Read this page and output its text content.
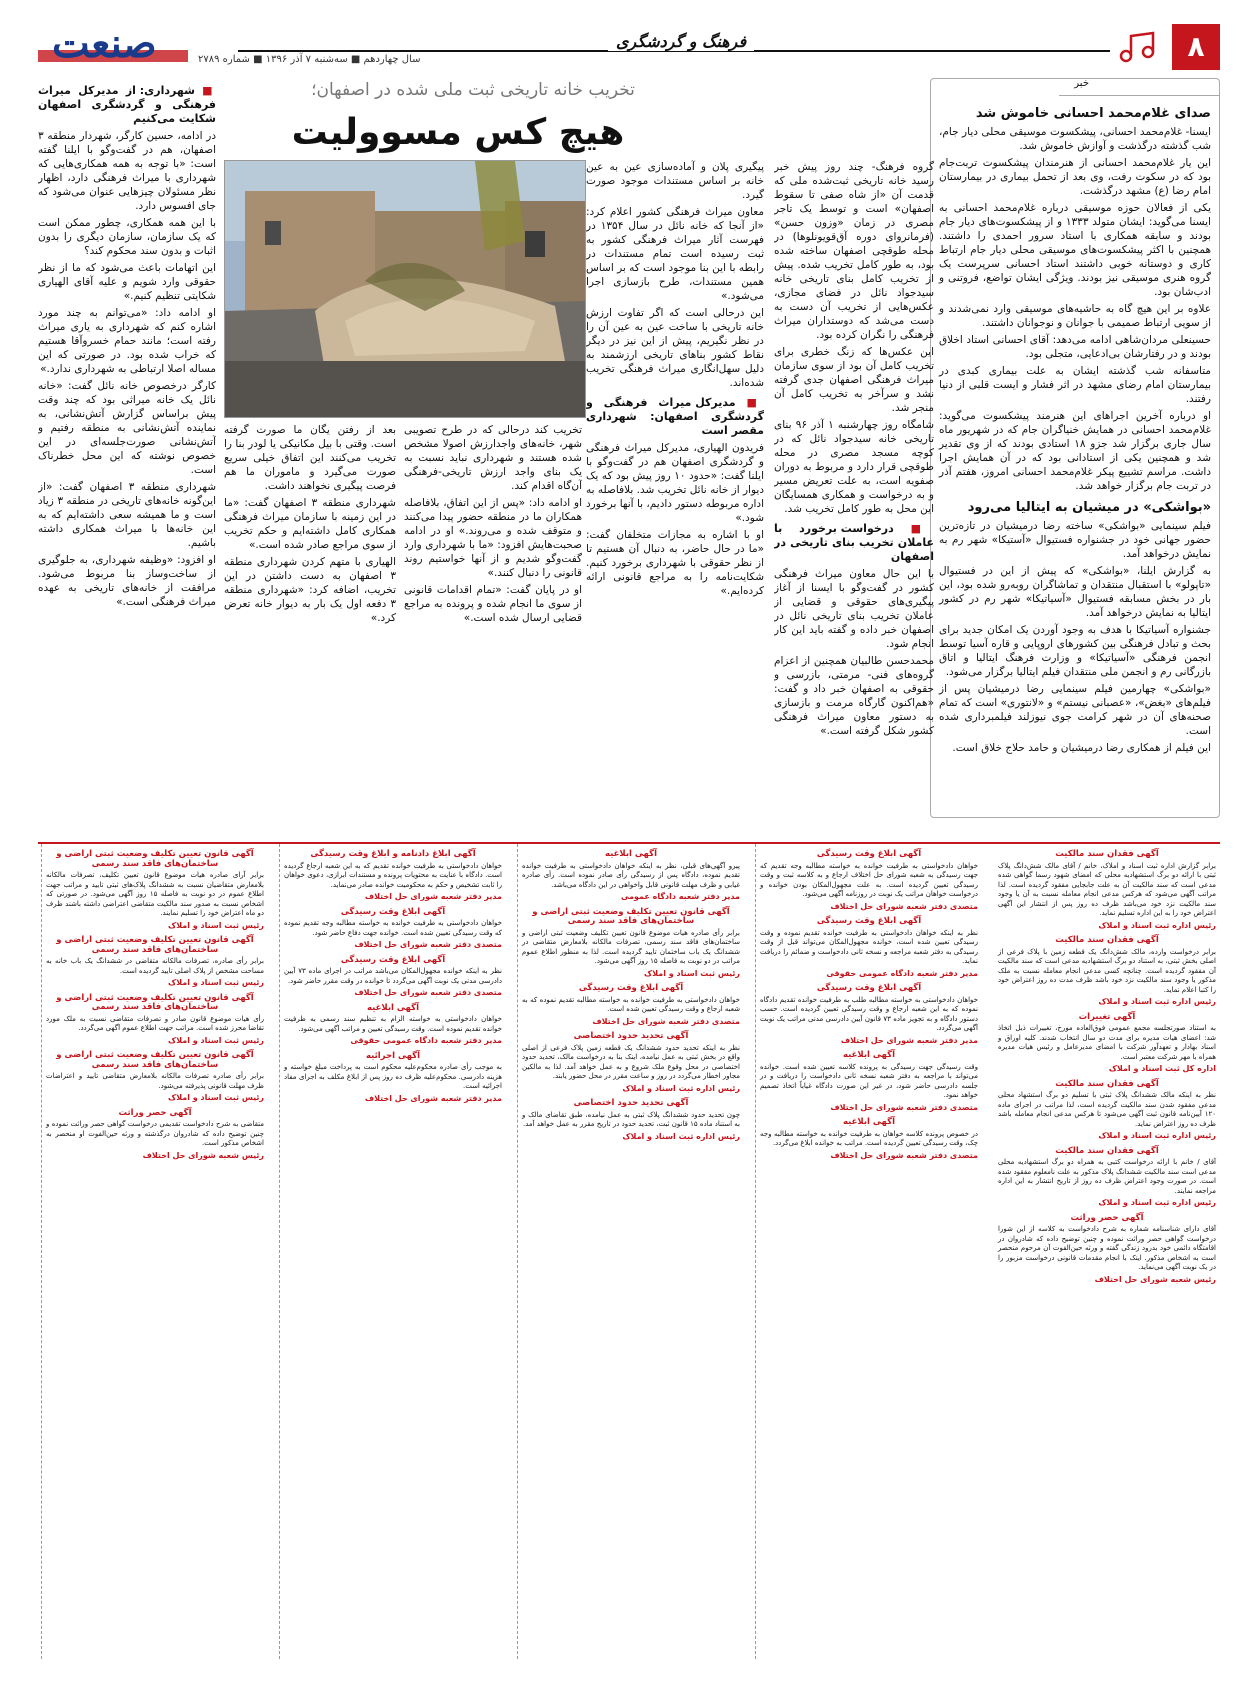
۸
فرهنگ و گردشگری
سال چهاردهم ■ سه‌شنبه ۷ آذر ۱۳۹۶ ■ شماره ۲۷۸۹
صنعت
خبر
صدای غلام‌محمد احسانی خاموش شد

ایسنا- غلام‌محمد احسانی، پیشکسوت موسیقی محلی دیار جام، شب گذشته درگذشت و آوازش خاموش شد.

این یار غلام‌محمد احسانی از هنرمندان پیشکسوت تربت‌جام بود که در سکوت رفت، وی بعد از تحمل بیماری در بیمارستان امام رضا (ع) مشهد درگذشت.

یکی از فعالان حوزه موسیقی درباره غلام‌محمد احسانی به ایسنا می‌گوید: ایشان متولد ۱۳۳۳ و از پیشکسوت‌های دیار جام بودند و سابقه همکاری با استاد سرور احمدی را داشتند. همچنین با اکثر پیشکسوت‌های موسیقی محلی دیار جام ارتباط کاری و دوستانه خوبی داشتند استاد احسانی سرپرست یک گروه هنری موسیقی نیز بودند. ویژگی ایشان تواضع، فروتنی و ادب‌شان بود.

علاوه بر این هیچ گاه به حاشیه‌های موسیقی وارد نمی‌شدند و از سویی ارتباط صمیمی با جوانان و نوجوانان داشتند.

حسینعلی مردان‌شاهی ادامه می‌دهد: آقای احسانی استاد اخلاق بودند و در رفتارشان بی‌ادعایی، متجلی بود.

متاسفانه شب گذشته ایشان به علت بیماری کبدی در بیمارستان امام رضای مشهد در اثر فشار و ایست قلبی از دنیا رفتند.

او درباره آخرین اجراهای این هنرمند پیشکسوت می‌گوید: غلام‌محمد احسانی در همایش خنیاگران جام که در شهریور ماه سال جاری برگزار شد جزو ۱۸ استادی بودند که از وی تقدیر شد و همچنین یکی از استادانی بود که در آن همایش اجرا داشت. مراسم تشییع پیکر غلام‌محمد احسانی امروز، هفتم آذر در تربت جام برگزار خواهد شد.

«بواشکی» در میشیان به ایتالیا می‌رود

فیلم سینمایی «بواشکی» ساخته رضا درمیشیان در تازه‌ترین حضور جهانی خود در جشنواره فستیوال «آستیکا» شهر رم به نمایش درخواهد آمد.

به گزارش ایلنا، «بواشکی» که پیش از این در فستیوال «تاپولو» با استقبال منتقدان و تماشاگران روبه‌رو شده بود، این بار در بخش مسابقه فستیوال «آسیاتیکا» شهر رم در کشور ایتالیا به نمایش درخواهد آمد.

جشنواره آسیاتیکا با هدف به وجود آوردن یک امکان جدید برای بحث و تبادل فرهنگی بین کشورهای اروپایی و قاره آسیا توسط انجمن فرهنگی «آسیاتیکا» و وزارت فرهنگ ایتالیا و اتاق بازرگانی رم و انجمن ملی منتقدان فیلم ایتالیا برگزار می‌شود.

«بواشکی» چهارمین فیلم سینمایی رضا درمیشیان پس از فیلم‌های «بغض»، «عصبانی نیستم» و «لانتوری» است که تمام صحنه‌های آن در شهر کرامت جوی نیوزلند فیلمبرداری شده است.

این فیلم از همکاری رضا درمیشیان و حامد حلاج خلاق است.

تخریب خانه تاریخی ثبت ملی شده در اصفهان؛
هیچ کس مسوولیت

گروه فرهنگ- چند روز پیش خبر رسید خانه تاریخی ثبت‌شده ملی که قدمت آن «از شاه صفی تا سقوط اصفهان» است و توسط یک تاجر مصری در زمان «وزون حسن» (فرمانروای دوره آق‌قویونلوها) در محله طوقچی اصفهان ساخته شده بود، به طور کامل تخریب شده. پیش از تخریب کامل بنای تاریخی خانه سیدجواد نائل در فضای مجازی، عکس‌هایی از تخریب آن دست به دست می‌شد که دوستداران میراث فرهنگی را نگران کرده بود.

این عکس‌ها که زنگ خطری برای تخریب کامل آن بود از سوی سازمان میراث فرهنگی اصفهان جدی گرفته نشد و سرآخر به تخریب کامل آن منجر شد.

شامگاه روز چهارشنبه ۱ آذر ۹۶ بنای تاریخی خانه سیدجواد نائل که در کوچه مسجد مصری در محله طوقچی قرار دارد و مربوط به دوران صفویه است، به علت تعریض مسیر و به درخواست و همکاری همسایگان این محل به طور کامل تخریب شد.

■ درخواست برخورد با عاملان تخریب بنای تاریخی در اصفهان

با این حال معاون میراث فرهنگی کشور در گفت‌وگو با ایسنا از آغاز پیگیری‌های حقوقی و قضایی از عاملان تخریب بنای تاریخی نائل در اصفهان خبر داده و گفته باید این کار انجام شود.

محمدحسن طالبیان همچنین از اعزام گروه‌های فنی- مرمتی، بازرسی و حقوقی به اصفهان خبر داد و گفت: «هم‌اکنون گارگاه مرمت و بازسازی به دستور معاون میراث فرهنگی کشور شکل گرفته است.»

پیگیری پلان و آماده‌سازی عین به عین خانه بر اساس مستندات موجود صورت گیرد.

معاون میراث فرهنگی کشور اعلام کرد: «از آنجا که خانه نائل در سال ۱۳۵۴ در فهرست آثار میراث فرهنگی کشور به ثبت رسیده است تمام مستندات در رابطه با این بنا موجود است که بر اساس همین مستندات، طرح بازسازی اجرا می‌شود.»

این درحالی است که اگر تفاوت ارزش خانه تاریخی با ساخت عین به عین آن را در نظر نگیریم، پیش از این نیز در دیگر نقاط کشور بناهای تاریخی ارزشمند به دلیل سهل‌انگاری میراث فرهنگی تخریب شده‌اند.

■ مدیرکل میراث فرهنگی و گردشگری اصفهان: شهرداری مقصر است

فریدون الهیاری، مدیرکل میراث فرهنگی و گردشگری اصفهان هم در گفت‌وگو با ایلنا گفت: «حدود ۱۰ روز پیش بود که یک دیوار از خانه نائل تخریب شد. بلافاصله به اداره مربوطه دستور دادیم، با آنها برخورد شود.»

او با اشاره به مجازات متخلفان گفت: «ما در حال حاضر، به دنبال آن هستیم تا از نظر حقوقی با شهرداری برخورد کنیم. شکایت‌نامه را به مراجع قانونی ارائه کرده‌ایم.»

تخریب کند درحالی که در طرح تصویبی شهر، خانه‌های واجدارزش اصولا مشخص شده هستند و شهرداری نباید نسبت به یک بنای واجد ارزش تاریخی-فرهنگی آن‌گاه اقدام کند.

او ادامه داد: «پس از این اتفاق، بلافاصله همکاران ما در منطقه حضور پیدا می‌کنند و متوقف شده و می‌روند.» او در ادامه صحبت‌هایش افزود: «ما با شهرداری وارد گفت‌وگو شدیم و از آنها خواستیم روند قانونی را دنبال کنند.»

او در پایان گفت: «تمام اقدامات قانونی از سوی ما انجام شده و پرونده به مراجع قضایی ارسال شده است.»

بعد از رفتن یگان ما صورت گرفته است. وقتی با بیل مکانیکی یا لودر بنا را تخریب می‌کنند این اتفاق خیلی سریع صورت می‌گیرد و ماموران ما هم فرصت پیگیری نخواهند داشت.

شهرداری منطقه ۳ اصفهان گفت: «ما در این زمینه با سازمان میراث فرهنگی همکاری کامل داشته‌ایم و حکم تخریب از سوی مراجع صادر شده است.»

الهیاری با متهم کردن شهرداری منطقه ۳ اصفهان به دست داشتن در این تخریب، اضافه کرد: «شهرداری منطقه ۳ دفعه اول یک بار به دیوار خانه تعرض کرد.»

■ شهرداری: از مدیرکل میراث فرهنگی و گردشگری اصفهان شکایت می‌کنیم

در ادامه، حسین کارگر، شهردار منطقه ۳ اصفهان، هم در گفت‌وگو با ایلنا گفته است: «با توجه به همه همکاری‌هایی که شهرداری با میراث فرهنگی دارد، اظهار نظر مسئولان چیزهایی عنوان می‌شود که جای افسوس دارد.

با این همه همکاری، چطور ممکن است که یک سازمان، سازمان دیگری را بدون اثبات و بدون سند محکوم کند؟

این اتهامات باعث می‌شود که ما از نظر حقوقی وارد شویم و علیه آقای الهیاری شکایتی تنظیم کنیم.»

او ادامه داد: «می‌توانم به چند مورد اشاره کنم که شهرداری به یاری میراث رفته است؛ مانند حمام خسروآقا هستیم که خراب شده بود. در صورتی که این مساله اصلا ارتباطی به شهرداری ندارد.»

کارگر درخصوص خانه نائل گفت: «خانه نائل یک خانه میراثی بود که چند وقت پیش براساس گزارش آتش‌نشانی، به نماینده آتش‌نشانی به منطقه رفتیم و آتش‌نشانی صورت‌جلسه‌ای در این خصوص نوشته که این محل خطرناک است.

شهرداری منطقه ۳ اصفهان گفت: «از این‌گونه خانه‌های تاریخی در منطقه ۳ زیاد است و ما همیشه سعی داشته‌ایم که به این خانه‌ها با میراث همکاری داشته باشیم.

او افزود: «وظیفه شهرداری، به جلوگیری از ساخت‌وساز بنا مربوط می‌شود. مرافقت از خانه‌های تاریخی به عهده میراث فرهنگی است.»

آگهی فقدان سند مالکیت
برابر گزارش اداره ثبت اسناد و املاک، خانم / آقای مالک شش‌دانگ پلاک ثبتی با ارائه دو برگ استشهادیه محلی که امضای شهود رسما گواهی شده مدعی است که سند مالکیت آن به علت جابجایی مفقود گردیده است. لذا مراتب آگهی می‌شود که هرکس مدعی انجام معامله نسبت به آن یا وجود سند مالکیت نزد خود می‌باشد ظرف ده روز پس از انتشار این آگهی اعتراض خود را به این اداره تسلیم نماید.
رئیس اداره ثبت اسناد و املاک
آگهی فقدان سند مالکیت
برابر درخواست وارده، مالک شش‌دانگ یک قطعه زمین با پلاک فرعی از اصلی بخش ثبتی، به استناد دو برگ استشهادیه مدعی است که سند مالکیت آن مفقود گردیده است. چنانچه کسی مدعی انجام معامله نسبت به ملک مذکور یا وجود سند مالکیت نزد خود باشد ظرف مدت ده روز اعتراض خود را کتبا اعلام نماید.
رئیس اداره ثبت اسناد و املاک
آگهی تغییرات
به استناد صورتجلسه مجمع عمومی فوق‌العاده مورخ، تغییرات ذیل اتخاذ شد: اعضای هیات مدیره برای مدت دو سال انتخاب شدند. کلیه اوراق و اسناد بهادار و تعهدآور شرکت با امضای مدیرعامل و رئیس هیات مدیره همراه با مهر شرکت معتبر است.
اداره کل ثبت اسناد و املاک
آگهی فقدان سند مالکیت
نظر به اینکه مالک ششدانگ پلاک ثبتی با تسلیم دو برگ استشهاد محلی مدعی مفقود شدن سند مالکیت گردیده است، لذا مراتب در اجرای ماده ۱۲۰ آیین‌نامه قانون ثبت آگهی می‌شود تا هرکس مدعی انجام معامله باشد ظرف ده روز اعتراض نماید.
رئیس اداره ثبت اسناد و املاک
آگهی فقدان سند مالکیت
آقای / خانم با ارائه درخواست کتبی به همراه دو برگ استشهادیه محلی مدعی است سند مالکیت ششدانگ پلاک مذکور به علت نامعلوم مفقود شده است. در صورت وجود اعتراض ظرف ده روز از تاریخ انتشار به این اداره مراجعه نمایند.
رئیس اداره ثبت اسناد و املاک
آگهی حصر وراثت
آقای دارای شناسنامه شماره به شرح دادخواست به کلاسه از این شورا درخواست گواهی حصر وراثت نموده و چنین توضیح داده که شادروان در اقامتگاه دائمی خود بدرود زندگی گفته و ورثه حین‌الفوت آن مرحوم منحصر است به اشخاص مذکور. اینک با انجام مقدمات قانونی درخواست مزبور را در یک نوبت آگهی می‌نماید.
رئیس شعبه شورای حل اختلاف
آگهی ابلاغ وقت رسیدگی
خواهان دادخواستی به طرفیت خوانده به خواسته مطالبه وجه تقدیم که جهت رسیدگی به شعبه شورای حل اختلاف ارجاع و به کلاسه ثبت و وقت رسیدگی تعیین گردیده است. به علت مجهول‌المکان بودن خوانده و درخواست خواهان مراتب یک نوبت در روزنامه آگهی می‌شود.
متصدی دفتر شعبه شورای حل اختلاف
آگهی ابلاغ وقت رسیدگی
نظر به اینکه خواهان دادخواستی به طرفیت خوانده تقدیم نموده و وقت رسیدگی تعیین شده است، خوانده مجهول‌المکان می‌تواند قبل از وقت رسیدگی به دفتر شعبه مراجعه و نسخه ثانی دادخواست و ضمائم را دریافت نماید.
مدیر دفتر شعبه دادگاه عمومی حقوقی
آگهی ابلاغ وقت رسیدگی
خواهان دادخواستی به خواسته مطالبه طلب به طرفیت خوانده تقدیم دادگاه نموده که به این شعبه ارجاع و وقت رسیدگی تعیین گردیده است. حسب دستور دادگاه و به تجویز ماده ۷۳ قانون آیین دادرسی مدنی مراتب یک نوبت آگهی می‌گردد.
مدیر دفتر شعبه شورای حل اختلاف
آگهی ابلاغیه
وقت رسیدگی جهت رسیدگی به پرونده کلاسه تعیین شده است. خوانده می‌تواند با مراجعه به دفتر شعبه نسخه ثانی دادخواست را دریافت و در جلسه دادرسی حاضر شود، در غیر این صورت دادگاه غیاباً اتخاذ تصمیم خواهد نمود.
متصدی دفتر شعبه شورای حل اختلاف
آگهی ابلاغیه
در خصوص پرونده کلاسه خواهان به طرفیت خوانده به خواسته مطالبه وجه چک، وقت رسیدگی تعیین گردیده است. مراتب به خوانده ابلاغ می‌گردد.
متصدی دفتر شعبه شورای حل اختلاف
آگهی ابلاغیه
پیرو آگهی‌های قبلی، نظر به اینکه خواهان دادخواستی به طرفیت خوانده تقدیم نموده، دادگاه پس از رسیدگی رأی صادر نموده است. رأی صادره غیابی و ظرف مهلت قانونی قابل واخواهی در این دادگاه می‌باشد.
مدیر دفتر شعبه دادگاه عمومی
آگهی قانون تعیین تکلیف وضعیت ثبتی اراضی و ساختمان‌های فاقد سند رسمی
برابر رأی صادره هیات موضوع قانون تعیین تکلیف وضعیت ثبتی اراضی و ساختمان‌های فاقد سند رسمی، تصرفات مالکانه بلامعارض متقاضی در ششدانگ یک باب ساختمان تایید گردیده است. لذا به منظور اطلاع عموم مراتب در دو نوبت به فاصله ۱۵ روز آگهی می‌شود.
رئیس ثبت اسناد و املاک
آگهی ابلاغ وقت رسیدگی
خواهان دادخواستی به طرفیت خوانده به خواسته مطالبه تقدیم نموده که به شعبه ارجاع و وقت رسیدگی تعیین شده است.
متصدی دفتر شعبه شورای حل اختلاف
آگهی تحدید حدود اختصاصی
نظر به اینکه تحدید حدود ششدانگ یک قطعه زمین پلاک فرعی از اصلی واقع در بخش ثبتی به عمل نیامده، اینک بنا به درخواست مالک، تحدید حدود اختصاصی در محل وقوع ملک شروع و به عمل خواهد آمد. لذا به مالکین مجاور اخطار می‌گردد در روز و ساعت مقرر در محل حضور یابند.
رئیس اداره ثبت اسناد و املاک
آگهی تحدید حدود اختصاصی
چون تحدید حدود ششدانگ پلاک ثبتی به عمل نیامده، طبق تقاضای مالک و به استناد ماده ۱۵ قانون ثبت، تحدید حدود در تاریخ مقرر به عمل خواهد آمد.
رئیس اداره ثبت اسناد و املاک
آگهی ابلاغ دادنامه و ابلاغ وقت رسیدگی
خواهان دادخواستی به طرفیت خوانده تقدیم که به این شعبه ارجاع گردیده است. دادگاه با عنایت به محتویات پرونده و مستندات ابرازی، دعوی خواهان را ثابت تشخیص و حکم به محکومیت خوانده صادر می‌نماید.
مدیر دفتر شعبه شورای حل اختلاف
آگهی ابلاغ وقت رسیدگی
خواهان دادخواستی به طرفیت خوانده به خواسته مطالبه وجه تقدیم نموده که وقت رسیدگی تعیین شده است. خوانده جهت دفاع حاضر شود.
متصدی دفتر شعبه شورای حل اختلاف
آگهی ابلاغ وقت رسیدگی
نظر به اینکه خوانده مجهول‌المکان می‌باشد مراتب در اجرای ماده ۷۳ آیین دادرسی مدنی یک نوبت آگهی می‌گردد تا خوانده در وقت مقرر حاضر شود.
متصدی دفتر شعبه شورای حل اختلاف
آگهی ابلاغیه
خواهان دادخواستی به خواسته الزام به تنظیم سند رسمی به طرفیت خوانده تقدیم نموده است. وقت رسیدگی تعیین و مراتب آگهی می‌شود.
مدیر دفتر شعبه دادگاه عمومی حقوقی
آگهی اجرائیه
به موجب رأی صادره محکوم‌علیه محکوم است به پرداخت مبلغ خواسته و هزینه دادرسی. محکوم‌علیه ظرف ده روز پس از ابلاغ مکلف به اجرای مفاد اجرائیه است.
مدیر دفتر شعبه شورای حل اختلاف
آگهی قانون تعیین تکلیف وضعیت ثبتی اراضی و ساختمان‌های فاقد سند رسمی
برابر آرای صادره هیات موضوع قانون تعیین تکلیف، تصرفات مالکانه بلامعارض متقاضیان نسبت به ششدانگ پلاک‌های ثبتی تایید و مراتب جهت اطلاع عموم در دو نوبت به فاصله ۱۵ روز آگهی می‌شود. در صورتی که اشخاص نسبت به صدور سند مالکیت متقاضی اعتراضی داشته باشند ظرف دو ماه اعتراض خود را تسلیم نمایند.
رئیس ثبت اسناد و املاک
آگهی قانون تعیین تکلیف وضعیت ثبتی اراضی و ساختمان‌های فاقد سند رسمی
برابر رأی صادره، تصرفات مالکانه متقاضی در ششدانگ یک باب خانه به مساحت مشخص از پلاک اصلی تایید گردیده است.
رئیس ثبت اسناد و املاک
آگهی قانون تعیین تکلیف وضعیت ثبتی اراضی و ساختمان‌های فاقد سند رسمی
رأی هیات موضوع قانون صادر و تصرفات متقاضی نسبت به ملک مورد تقاضا محرز شده است. مراتب جهت اطلاع عموم آگهی می‌گردد.
رئیس ثبت اسناد و املاک
آگهی قانون تعیین تکلیف وضعیت ثبتی اراضی و ساختمان‌های فاقد سند رسمی
برابر رأی صادره تصرفات مالکانه بلامعارض متقاضی تایید و اعتراضات ظرف مهلت قانونی پذیرفته می‌شود.
رئیس ثبت اسناد و املاک
آگهی حصر وراثت
متقاضی به شرح دادخواست تقدیمی درخواست گواهی حصر وراثت نموده و چنین توضیح داده که شادروان درگذشته و ورثه حین‌الفوت او منحصر به اشخاص مذکور است.
رئیس شعبه شورای حل اختلاف
